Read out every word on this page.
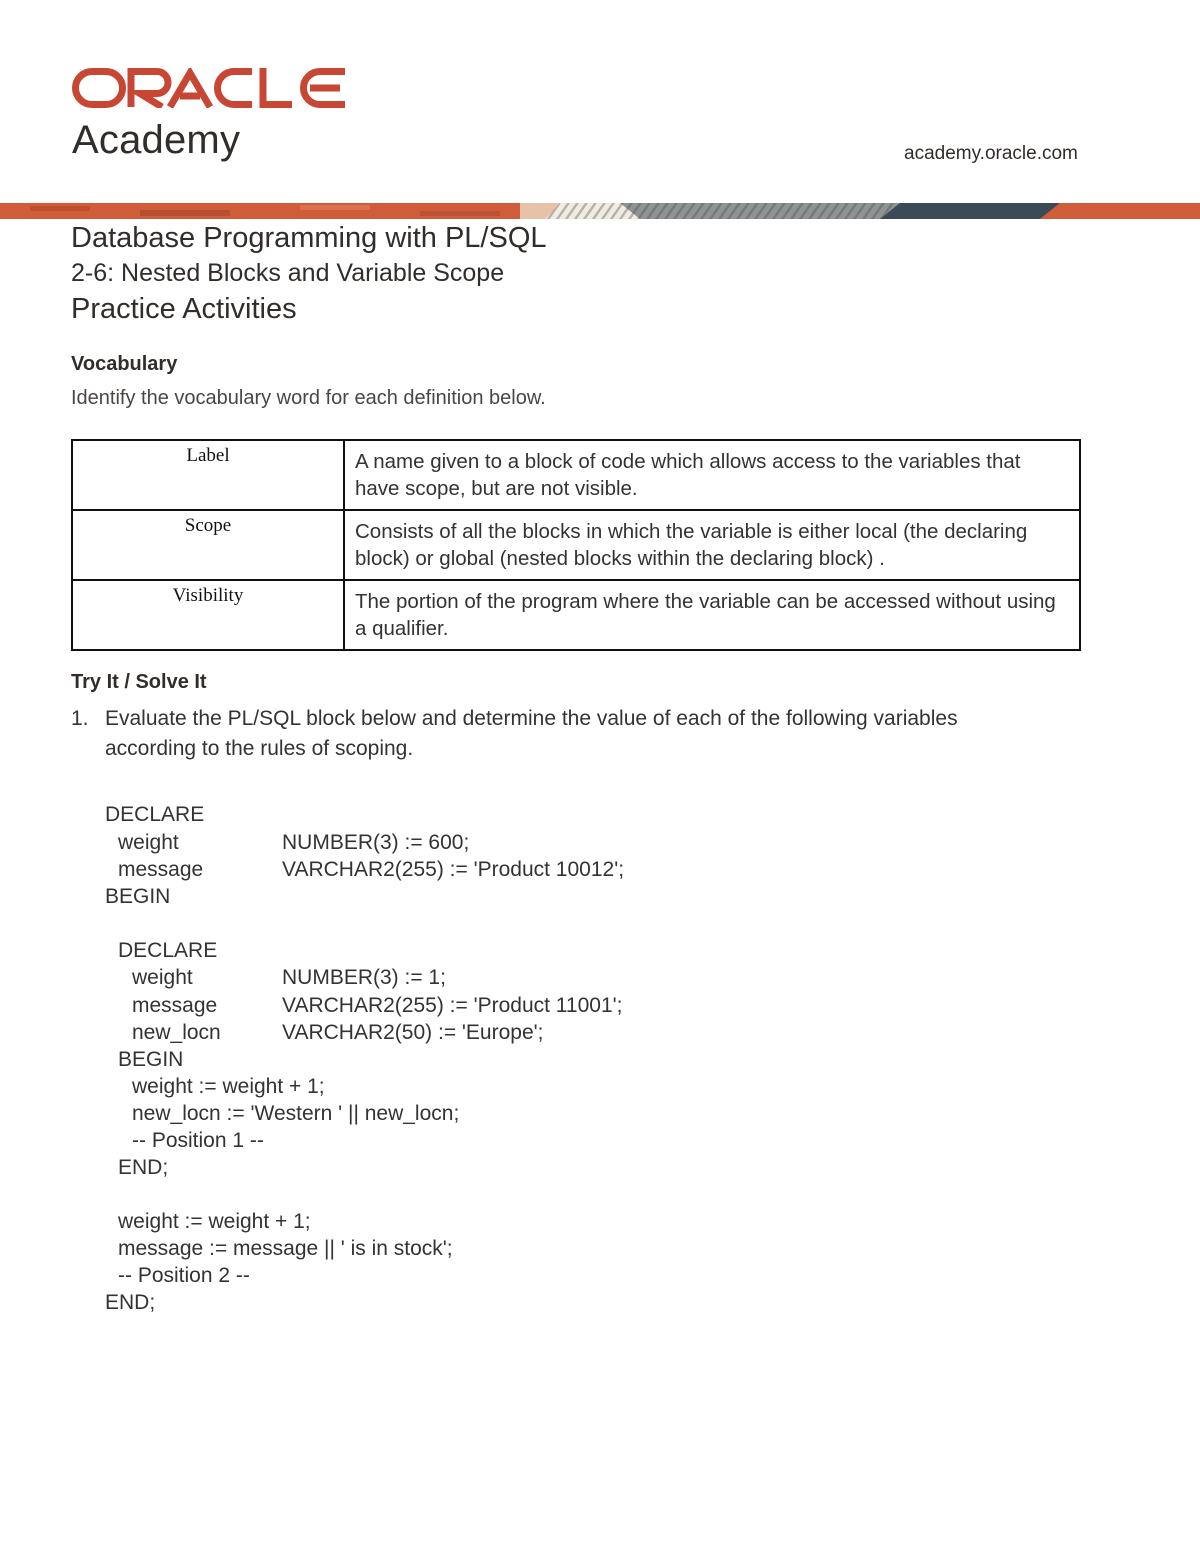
Academy	academy.oracle.com
Database Programming with PL/SQL
2-6: Nested Blocks and Variable Scope
Practice Activities
Vocabulary
Identify the vocabulary word for each definition below.
Label	A name given to a block of code which allows access to the variables that have scope, but are not visible.
Scope	Consists of all the blocks in which the variable is either local (the declaring block) or global (nested blocks within the declaring block) .
Visibility	The portion of the program where the variable can be accessed without using a qualifier.
Try It / Solve It
1. Evaluate the PL/SQL block below and determine the value of each of the following variables according to the rules of scoping.

DECLARE

weight

	NUMBER(3) := 600;

message

	VARCHAR2(255) := 'Product 10012';

BEGIN

DECLARE

weight

	NUMBER(3) := 1;

message

	VARCHAR2(255) := 'Product 11001';

new_locn

	VARCHAR2(50) := 'Europe';

BEGIN

weight := weight + 1;

new_locn := 'Western ' || new_locn;

-- Position 1 --

END;

weight := weight + 1;

message := message || ' is in stock';

-- Position 2 --

END;
